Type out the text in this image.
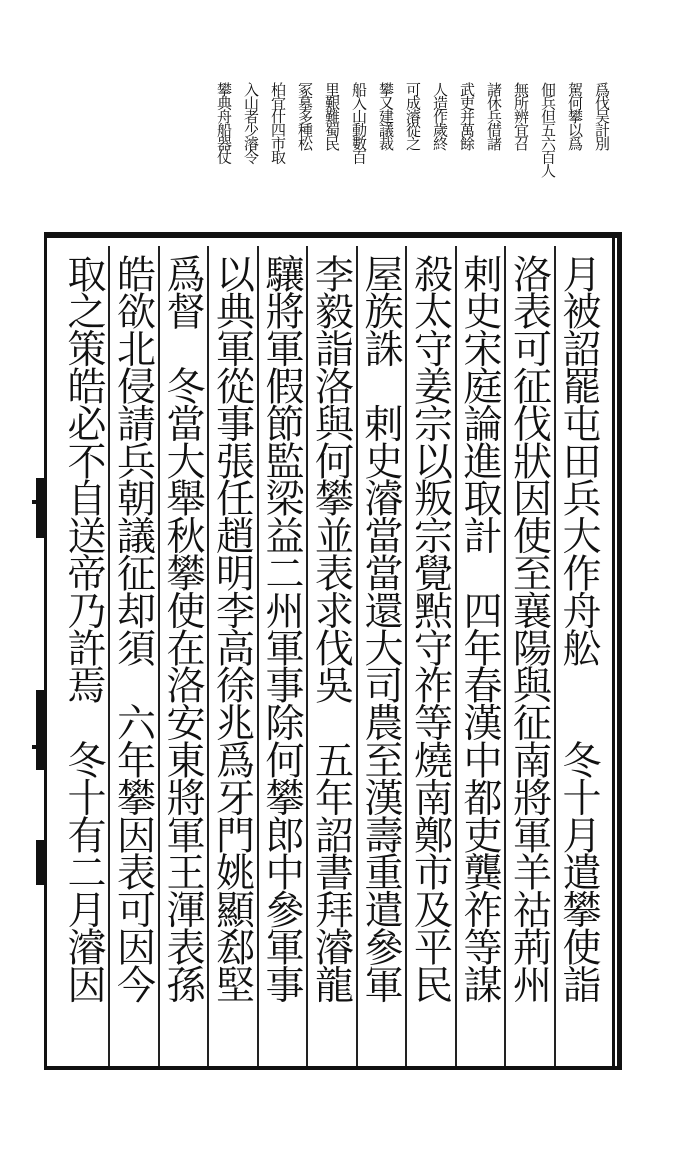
爲伐吴計別
駕何攀以爲
佃兵但五六百人
無所辨宜召
諸休兵借諸
武吏并萬餘
人造作歲終
可成濬從之
攀又建議裁
船入山動數百
里艱難蜀民
冢墓多種松
柏宜什四市取
入山者少濬令
攀典舟船器仗
月被詔罷屯田兵大作舟舩　　冬十月遣攀使詣
洛表可征伐狀因使至襄陽與征南將軍羊祜荊州
剌史宋庭論進取計　四年春漢中都吏龔祚等謀
殺太守姜宗以叛宗覺㸃守祚等燒南鄭市及平民
屋族誅　剌史濬當當還大司農至漢壽重遣參軍
李毅詣洛與何攀並表求伐吳　五年詔書拜濬龍
驤將軍假節監梁益二州軍事除何攀郎中參軍事
以典軍從事張任趙明李高徐兆爲牙門姚顯郄堅
爲督　冬當大舉秋攀使在洛安東將軍王渾表孫
皓欲北侵請兵朝議征却須　六年攀因表可因今
取之策皓必不自送帝乃許焉　冬十有二月濬因
